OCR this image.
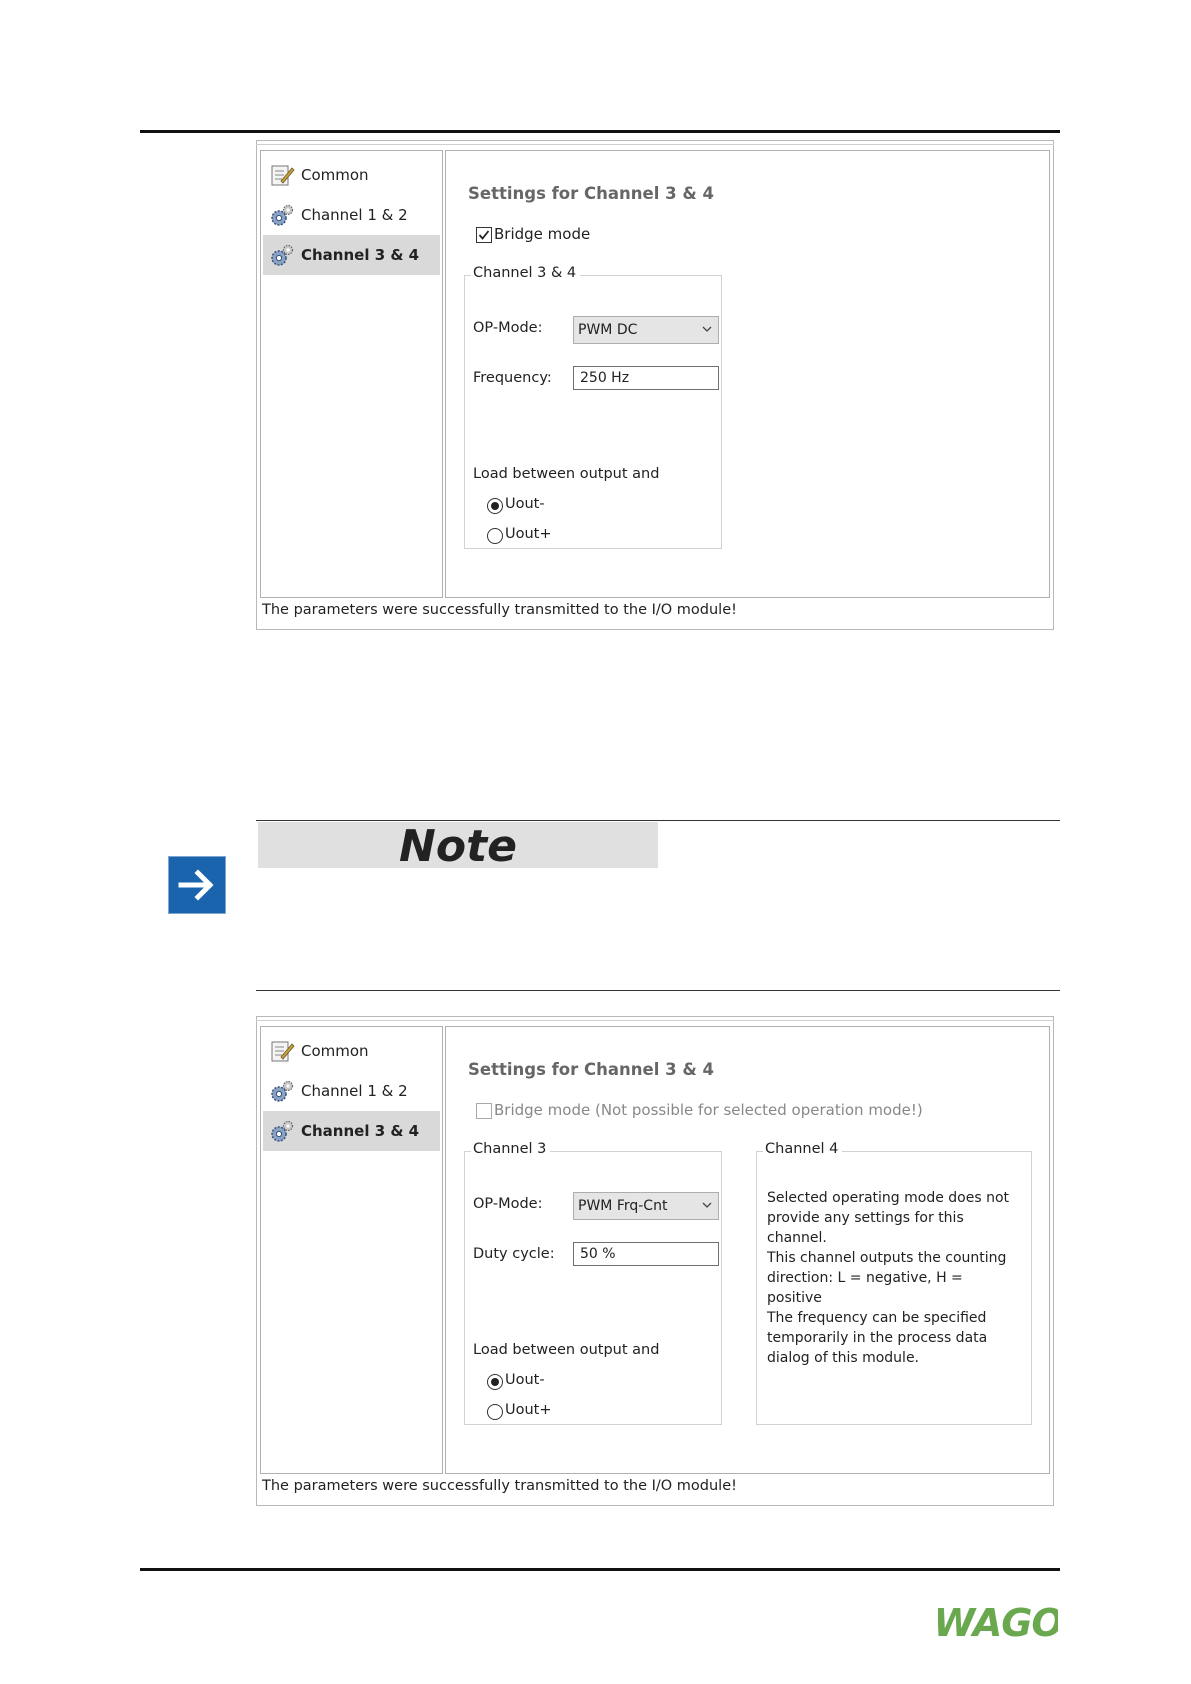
Common
Channel 1 & 2
Channel 3 & 4
Settings for Channel 3 & 4
Bridge mode
Channel 3 & 4
OP-Mode:	PWM DC
Frequency: 250 Hz
Load between output and
Uout-
Uout+
The parameters were successfully transmitted to the I/O module!
Note
Common
Channel 1 & 2
Channel 3 & 4
Settings for Channel 3 & 4
Bridge mode (Not possible for selected operation mode!)
Channel 3
OP-Mode:	PWM Frq-Cnt
Duty cycle: 50 %
Load between output and
Uout-
Uout+
Channel 4
Selected operating mode does not provide any settings for this channel.
This channel outputs the counting direction: L = negative, H = positive
The frequency can be specified temporarily in the process data dialog of this module.
The parameters were successfully transmitted to the I/O module!
WAGO
